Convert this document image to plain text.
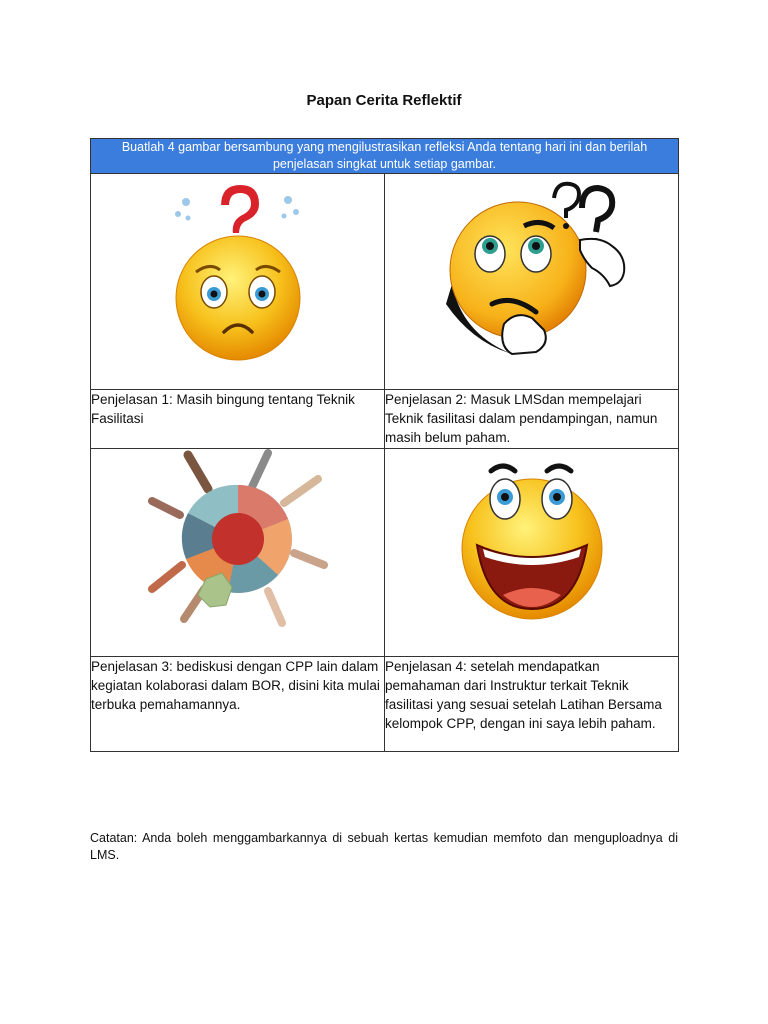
Papan Cerita Reflektif
Buatlah 4 gambar bersambung yang mengilustrasikan refleksi Anda tentang hari ini dan berilah penjelasan singkat untuk setiap gambar.	

Penjelasan 1: Masih bingung tentang Teknik Fasilitasi	Penjelasan 2: Masuk LMSdan mempelajari Teknik fasilitasi dalam pendampingan, namun masih belum paham.

Penjelasan 3: bediskusi dengan CPP lain dalam kegiatan kolaborasi dalam BOR, disini kita mulai terbuka pemahamannya.	Penjelasan 4: setelah mendapatkan pemahaman dari Instruktur terkait Teknik fasilitasi yang sesuai setelah Latihan Bersama kelompok CPP, dengan ini saya lebih paham.
Catatan: Anda boleh menggambarkannya di sebuah kertas kemudian memfoto dan menguploadnya di LMS.
